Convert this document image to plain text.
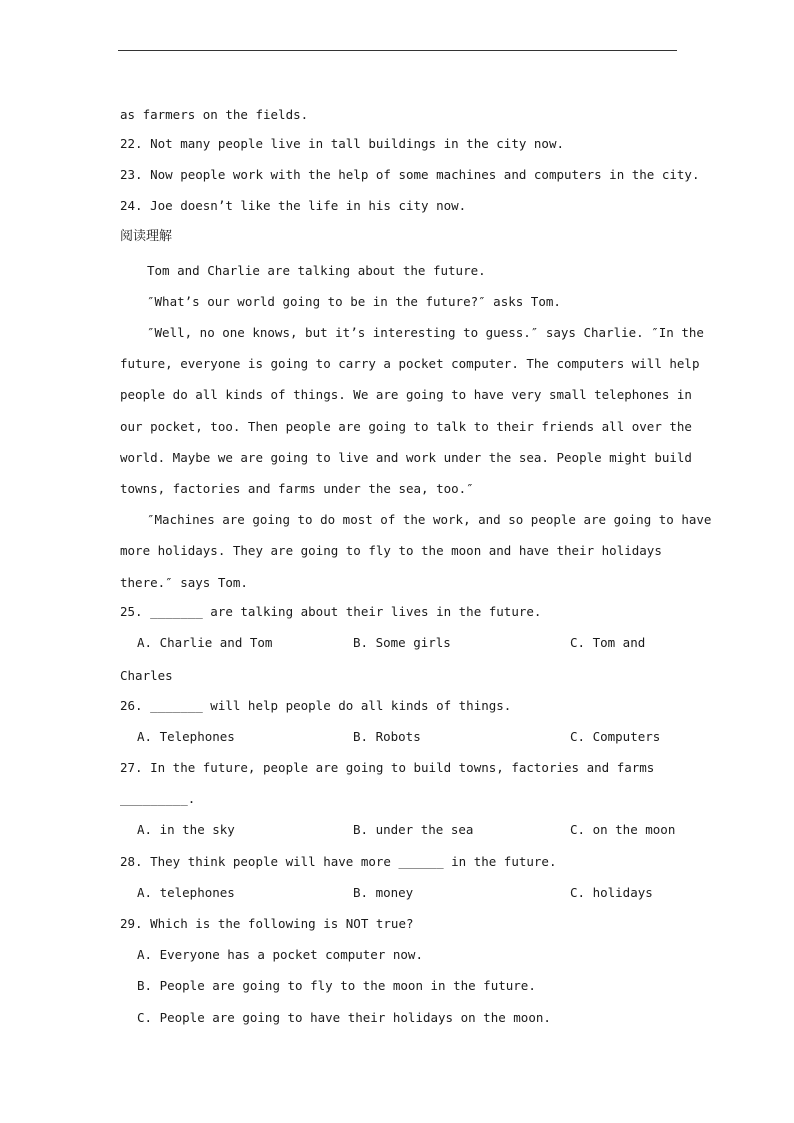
as farmers on the fields.
22. Not many people live in tall buildings in the city now.
23. Now people work with the help of some machines and computers in the city.
24. Joe doesn’t like the life in his city now.
阅读理解
Tom and Charlie are talking about the future.
″What’s our world going to be in the future?″ asks Tom.
″Well, no one knows, but it’s interesting to guess.″ says Charlie. ″In the
future, everyone is going to carry a pocket computer. The computers will help
people do all kinds of things. We are going to have very small telephones in
our pocket, too. Then people are going to talk to their friends all over the
world. Maybe we are going to live and work under the sea. People might build
towns, factories and farms under the sea, too.″
″Machines are going to do most of the work, and so people are going to have
more holidays. They are going to fly to the moon and have their holidays
there.″ says Tom.
25. _______ are talking about their lives in the future.
A. Charlie and Tom	B. Some girls	C. Tom and
Charles
26. _______ will help people do all kinds of things.
A. Telephones	B. Robots	C. Computers
27. In the future, people are going to build towns, factories and farms
_________.
A. in the sky	B. under the sea	C. on the moon
28. They think people will have more ______ in the future.
A. telephones	B. money	C. holidays
29. Which is the following is NOT true?
A. Everyone has a pocket computer now.
B. People are going to fly to the moon in the future.
C. People are going to have their holidays on the moon.
